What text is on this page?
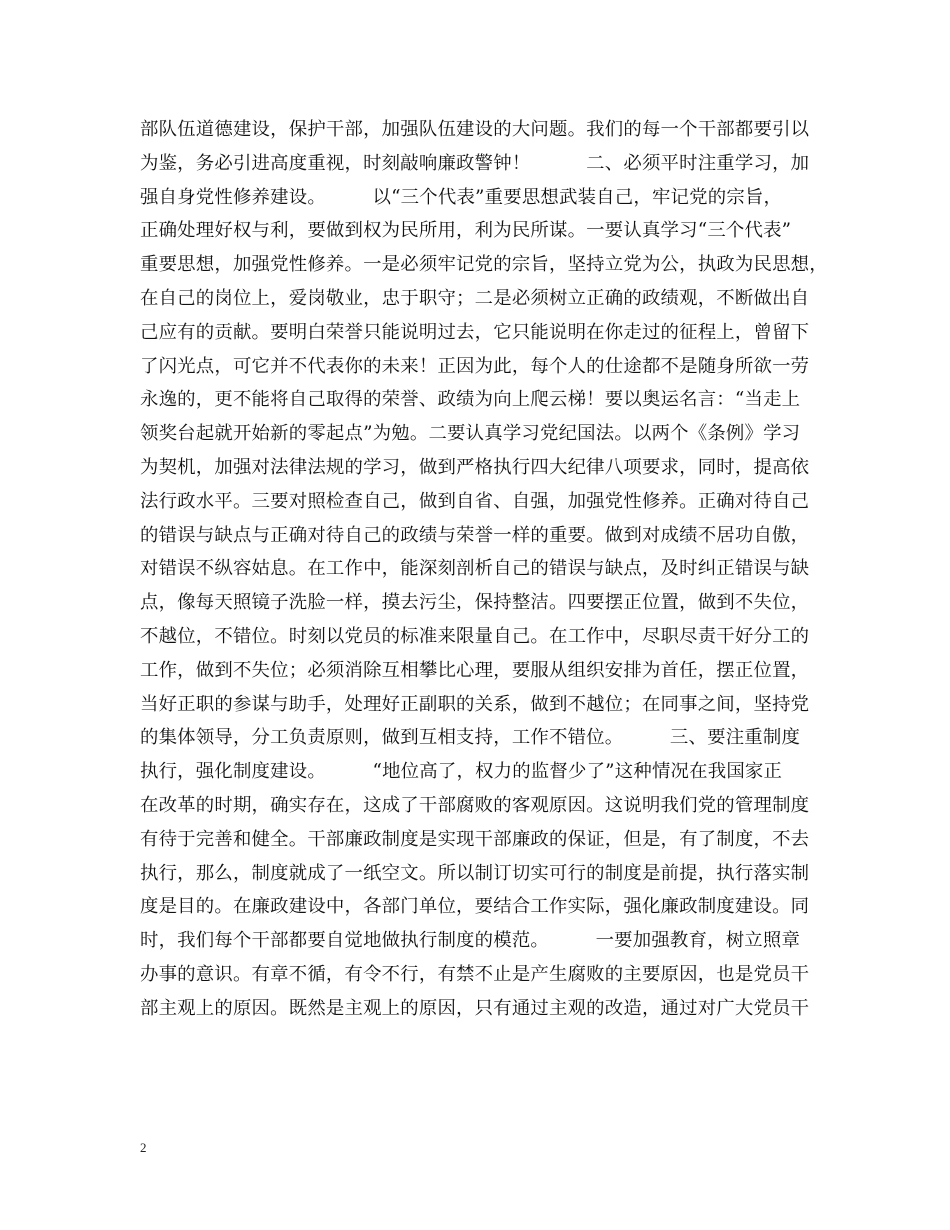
部队伍道德建设，保护干部，加强队伍建设的大问题。我们的每一个干部都要引以
为鉴，务必引进高度重视，时刻敲响廉政警钟！　　　二、必须平时注重学习，加
强自身党性修养建设。　　　以“三个代表”重要思想武装自己，牢记党的宗旨，
正确处理好权与利，要做到权为民所用，利为民所谋。一要认真学习“三个代表”
重要思想，加强党性修养。一是必须牢记党的宗旨，坚持立党为公，执政为民思想，
在自己的岗位上，爱岗敬业，忠于职守；二是必须树立正确的政绩观，不断做出自
己应有的贡献。要明白荣誉只能说明过去，它只能说明在你走过的征程上，曾留下
了闪光点，可它并不代表你的未来！正因为此，每个人的仕途都不是随身所欲一劳
永逸的，更不能将自己取得的荣誉、政绩为向上爬云梯！要以奥运名言：“当走上
领奖台起就开始新的零起点”为勉。二要认真学习党纪国法。以两个《条例》学习
为契机，加强对法律法规的学习，做到严格执行四大纪律八项要求，同时，提高依
法行政水平。三要对照检查自己，做到自省、自强，加强党性修养。正确对待自己
的错误与缺点与正确对待自己的政绩与荣誉一样的重要。做到对成绩不居功自傲，
对错误不纵容姑息。在工作中，能深刻剖析自己的错误与缺点，及时纠正错误与缺
点，像每天照镜子洗脸一样，摸去污尘，保持整洁。四要摆正位置，做到不失位，
不越位，不错位。时刻以党员的标准来限量自己。在工作中，尽职尽责干好分工的
工作，做到不失位；必须消除互相攀比心理，要服从组织安排为首任，摆正位置，
当好正职的参谋与助手，处理好正副职的关系，做到不越位；在同事之间，坚持党
的集体领导，分工负责原则，做到互相支持，工作不错位。　　　三、要注重制度
执行，强化制度建设。　　　“地位高了，权力的监督少了”这种情况在我国家正
在改革的时期，确实存在，这成了干部腐败的客观原因。这说明我们党的管理制度
有待于完善和健全。干部廉政制度是实现干部廉政的保证，但是，有了制度，不去
执行，那么，制度就成了一纸空文。所以制订切实可行的制度是前提，执行落实制
度是目的。在廉政建设中，各部门单位，要结合工作实际，强化廉政制度建设。同
时，我们每个干部都要自觉地做执行制度的模范。　　　一要加强教育，树立照章
办事的意识。有章不循，有令不行，有禁不止是产生腐败的主要原因，也是党员干
部主观上的原因。既然是主观上的原因，只有通过主观的改造，通过对广大党员干
2
